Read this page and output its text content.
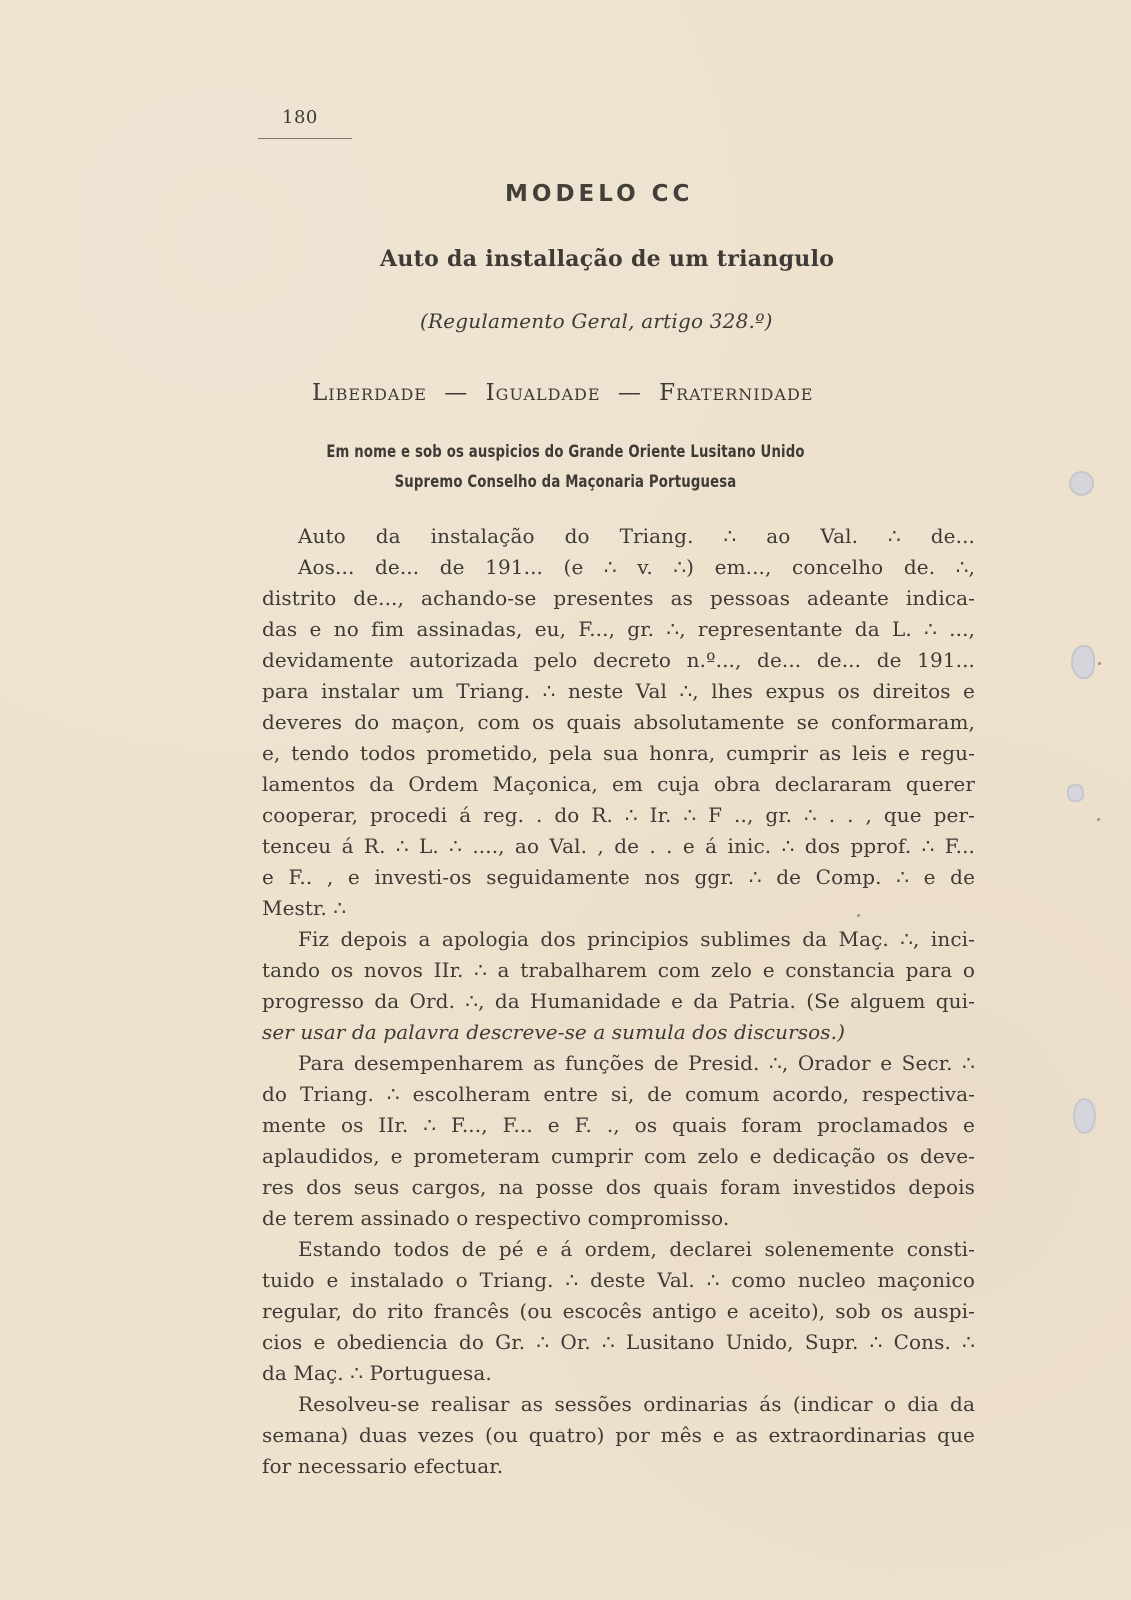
180
MODELO CC
Auto da installação de um triangulo
(Regulamento Geral, artigo 328.º)
Liberdade — Igualdade — Fraternidade
Em nome e sob os auspicios do Grande Oriente Lusitano Unido
Supremo Conselho da Maçonaria Portuguesa
Auto da instalação do Triang. ∴ ao Val. ∴ de...
Aos... de... de 191... (e ∴ v. ∴) em..., concelho de. ∴,
distrito de..., achando-se presentes as pessoas adeante indica-
das e no fim assinadas, eu, F..., gr. ∴, representante da L. ∴ ...,
devidamente autorizada pelo decreto n.º..., de... de... de 191...
para instalar um Triang. ∴ neste Val ∴, lhes expus os direitos e
deveres do maçon, com os quais absolutamente se conformaram,
e, tendo todos prometido, pela sua honra, cumprir as leis e regu-
lamentos da Ordem Maçonica, em cuja obra declararam querer
cooperar, procedi á reg. . do R. ∴ Ir. ∴ F .., gr. ∴ . . , que per-
tenceu á R. ∴ L. ∴ ...., ao Val. , de . . e á inic. ∴ dos pprof. ∴ F...
e F.. , e investi-os seguidamente nos ggr. ∴ de Comp. ∴ e de
Mestr. ∴
Fiz depois a apologia dos principios sublimes da Maç. ∴, inci-
tando os novos IIr. ∴ a trabalharem com zelo e constancia para o
progresso da Ord. ∴, da Humanidade e da Patria. (Se alguem qui-
ser usar da palavra descreve-se a sumula dos discursos.)
Para desempenharem as funções de Presid. ∴, Orador e Secr. ∴
do Triang. ∴ escolheram entre si, de comum acordo, respectiva-
mente os IIr. ∴ F..., F... e F. ., os quais foram proclamados e
aplaudidos, e prometeram cumprir com zelo e dedicação os deve-
res dos seus cargos, na posse dos quais foram investidos depois
de terem assinado o respectivo compromisso.
Estando todos de pé e á ordem, declarei solenemente consti-
tuido e instalado o Triang. ∴ deste Val. ∴ como nucleo maçonico
regular, do rito francês (ou escocês antigo e aceito), sob os auspi-
cios e obediencia do Gr. ∴ Or. ∴ Lusitano Unido, Supr. ∴ Cons. ∴
da Maç. ∴ Portuguesa.
Resolveu-se realisar as sessões ordinarias ás (indicar o dia da
semana) duas vezes (ou quatro) por mês e as extraordinarias que
for necessario efectuar.
